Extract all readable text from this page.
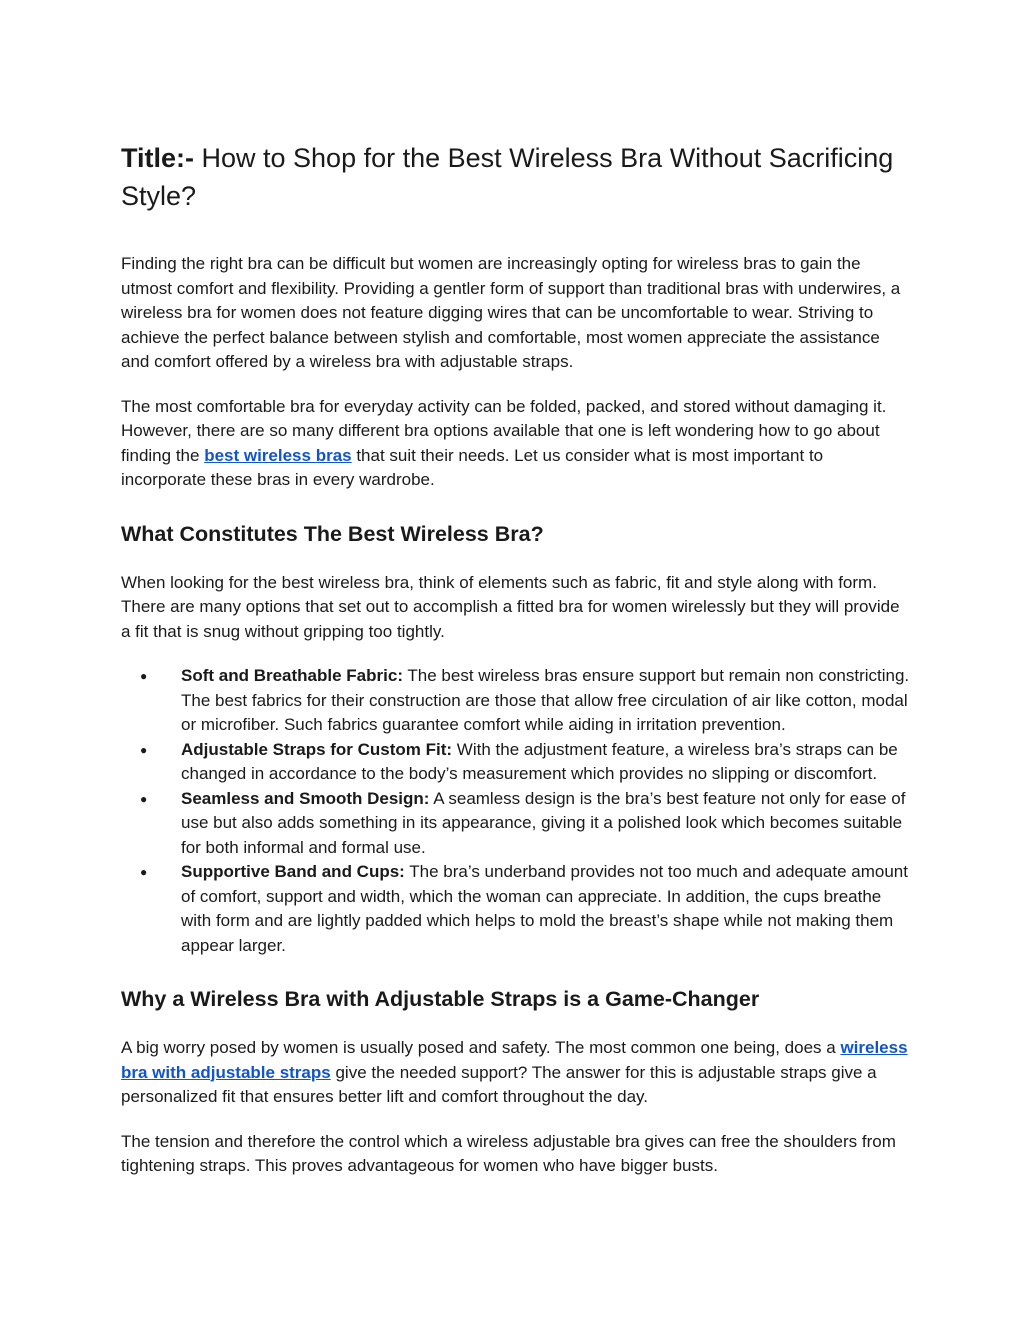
Title:- How to Shop for the Best Wireless Bra Without Sacrificing Style?

Finding the right bra can be difficult but women are increasingly opting for wireless bras to gain the utmost comfort and flexibility. Providing a gentler form of support than traditional bras with underwires, a wireless bra for women does not feature digging wires that can be uncomfortable to wear. Striving to achieve the perfect balance between stylish and comfortable, most women appreciate the assistance and comfort offered by a wireless bra with adjustable straps.

The most comfortable bra for everyday activity can be folded, packed, and stored without damaging it. However, there are so many different bra options available that one is left wondering how to go about finding the best wireless bras that suit their needs. Let us consider what is most important to incorporate these bras in every wardrobe.

What Constitutes The Best Wireless Bra?

When looking for the best wireless bra, think of elements such as fabric, fit and style along with form. There are many options that set out to accomplish a fitted bra for women wirelessly but they will provide a fit that is snug without gripping too tightly.

● Soft and Breathable Fabric: The best wireless bras ensure support but remain non constricting. The best fabrics for their construction are those that allow free circulation of air like cotton, modal or microfiber. Such fabrics guarantee comfort while aiding in irritation prevention.
● Adjustable Straps for Custom Fit: With the adjustment feature, a wireless bra’s straps can be changed in accordance to the body’s measurement which provides no slipping or discomfort.
● Seamless and Smooth Design: A seamless design is the bra’s best feature not only for ease of use but also adds something in its appearance, giving it a polished look which becomes suitable for both informal and formal use.
● Supportive Band and Cups: The bra’s underband provides not too much and adequate amount of comfort, support and width, which the woman can appreciate. In addition, the cups breathe with form and are lightly padded which helps to mold the breast’s shape while not making them appear larger.
Why a Wireless Bra with Adjustable Straps is a Game-Changer

A big worry posed by women is usually posed and safety. The most common one being, does a wireless bra with adjustable straps give the needed support? The answer for this is adjustable straps give a personalized fit that ensures better lift and comfort throughout the day.

The tension and therefore the control which a wireless adjustable bra gives can free the shoulders from tightening straps. This proves advantageous for women who have bigger busts.
